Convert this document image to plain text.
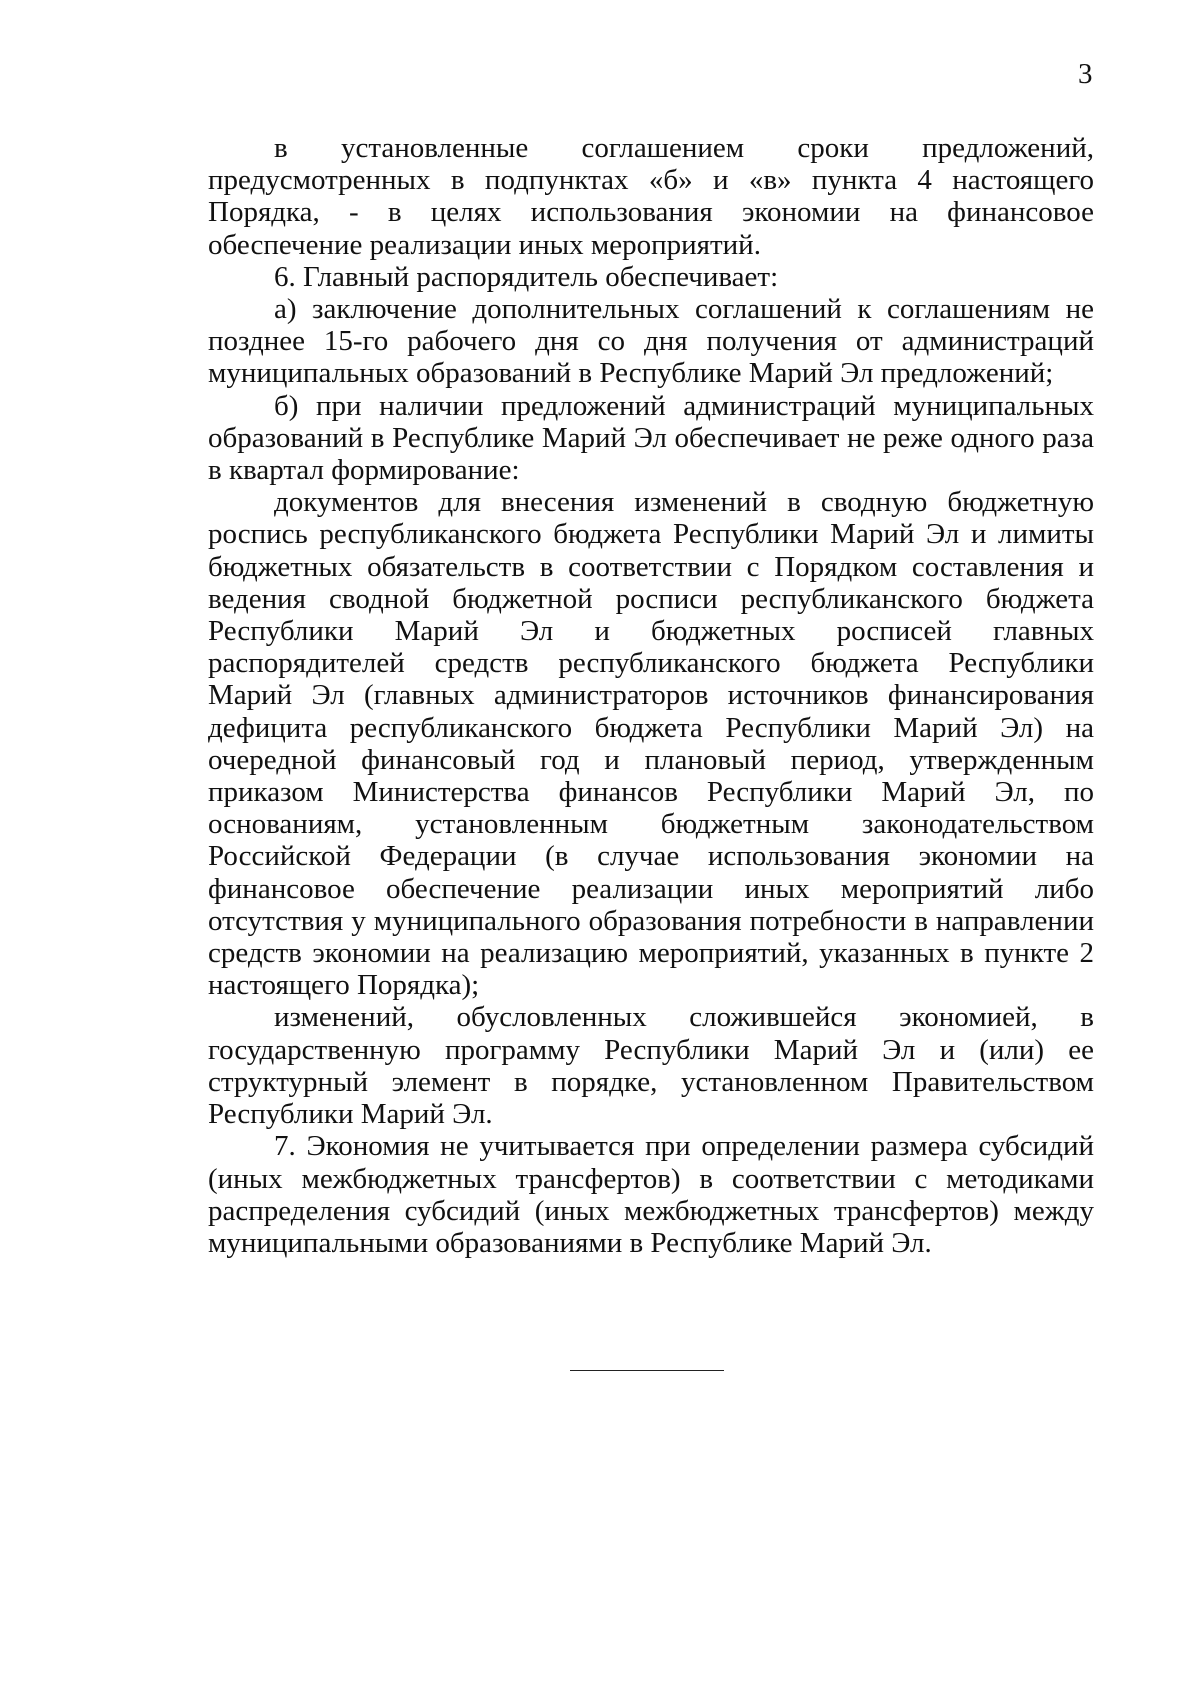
3

в установленные соглашением сроки предложений, предусмотренных в подпунктах «б» и «в» пункта 4 настоящего Порядка, - в целях использования экономии на финансовое обеспечение реализации иных мероприятий.

6. Главный распорядитель обеспечивает:

а) заключение дополнительных соглашений к соглашениям не позднее 15-го рабочего дня со дня получения от администраций муниципальных образований в Республике Марий Эл предложений;

б) при наличии предложений администраций муниципальных образований в Республике Марий Эл обеспечивает не реже одного раза в квартал формирование:

документов для внесения изменений в сводную бюджетную роспись республиканского бюджета Республики Марий Эл и лимиты бюджетных обязательств в соответствии с Порядком составления и ведения сводной бюджетной росписи республиканского бюджета Республики Марий Эл и бюджетных росписей главных распорядителей средств республиканского бюджета Республики Марий Эл (главных администраторов источников финансирования дефицита республиканского бюджета Республики Марий Эл) на очередной финансовый год и плановый период, утвержденным приказом Министерства финансов Республики Марий Эл, по основаниям, установленным бюджетным законодательством Российской Федерации (в случае использования экономии на финансовое обеспечение реализации иных мероприятий либо отсутствия у муниципального образования потребности в направлении средств экономии на реализацию мероприятий, указанных в пункте 2 настоящего Порядка);

изменений, обусловленных сложившейся экономией, в государственную программу Республики Марий Эл и (или) ее структурный элемент в порядке, установленном Правительством Республики Марий Эл.

7. Экономия не учитывается при определении размера субсидий (иных межбюджетных трансфертов) в соответствии с методиками распределения субсидий (иных межбюджетных трансфертов) между муниципальными образованиями в Республике Марий Эл.
